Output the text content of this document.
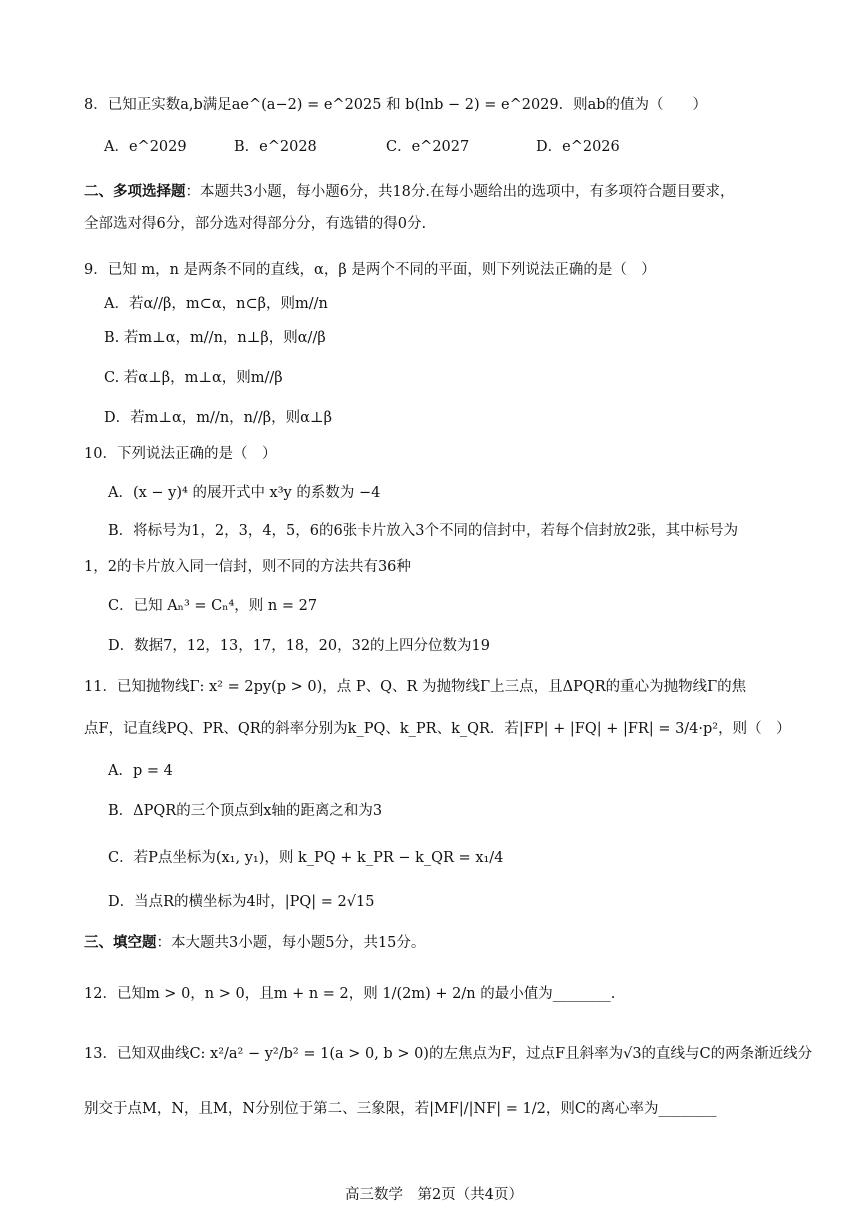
8．已知正实数a,b满足ae^(a−2) = e^2025 和 b(lnb − 2) = e^2029．则ab的值为（　　）
A．e^2029	B．e^2028	C．e^2027	D．e^2026
二、多项选择题：本题共3小题，每小题6分，共18分.在每小题给出的选项中，有多项符合题目要求，
全部选对得6分，部分选对得部分分，有选错的得0分.
9．已知 m，n 是两条不同的直线，α，β 是两个不同的平面，则下列说法正确的是（　）
A．若α//β，m⊂α，n⊂β，则m//n
B. 若m⊥α，m//n，n⊥β，则α//β
C. 若α⊥β，m⊥α，则m//β
D．若m⊥α，m//n，n//β，则α⊥β
10．下列说法正确的是（　）
A．(x − y)⁴ 的展开式中 x³y 的系数为 −4
B．将标号为1，2，3，4，5，6的6张卡片放入3个不同的信封中，若每个信封放2张，其中标号为
1，2的卡片放入同一信封，则不同的方法共有36种
C．已知 Aₙ³ = Cₙ⁴，则 n = 27
D．数据7，12，13，17，18，20，32的上四分位数为19
11．已知抛物线Γ: x² = 2py(p > 0)，点 P、Q、R 为抛物线Γ上三点，且ΔPQR的重心为抛物线Γ的焦
点F，记直线PQ、PR、QR的斜率分别为k_PQ、k_PR、k_QR．若|FP| + |FQ| + |FR| = 3/4·p²，则（　）
A．p = 4
B．ΔPQR的三个顶点到x轴的距离之和为3
C．若P点坐标为(x₁, y₁)，则 k_PQ + k_PR − k_QR = x₁/4
D．当点R的横坐标为4时，|PQ| = 2√15
三、填空题：本大题共3小题，每小题5分，共15分。
12．已知m > 0，n > 0，且m + n = 2，则 1/(2m) + 2/n 的最小值为________.
13．已知双曲线C: x²/a² − y²/b² = 1(a > 0, b > 0)的左焦点为F，过点F且斜率为√3的直线与C的两条渐近线分
别交于点M，N，且M，N分别位于第二、三象限，若|MF|/|NF| = 1/2，则C的离心率为________
高三数学　第2页（共4页）
